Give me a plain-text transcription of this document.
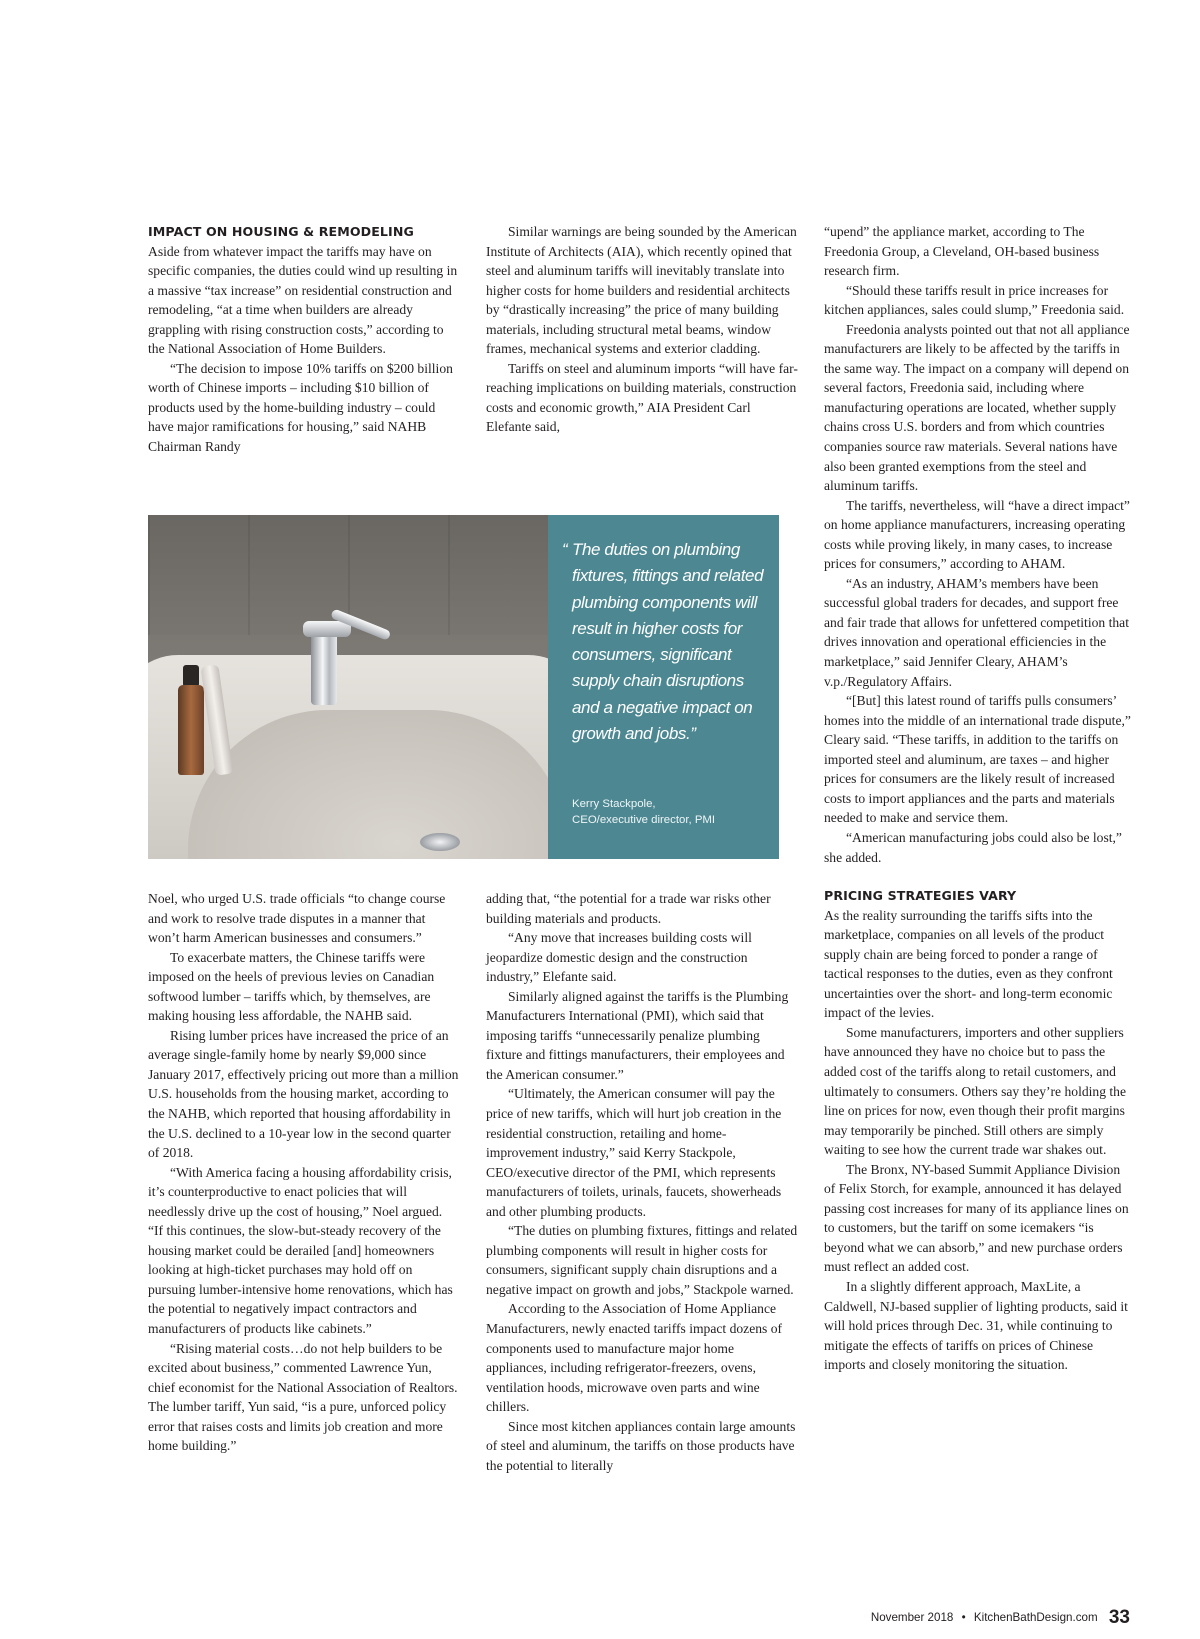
IMPACT ON HOUSING & REMODELING

Aside from whatever impact the tariffs may have on specific companies, the duties could wind up resulting in a massive “tax increase” on residential construction and remodeling, “at a time when builders are already grappling with rising construction costs,” according to the National Association of Home Builders.

“The decision to impose 10% tariffs on $200 billion worth of Chinese imports – including $10 billion of products used by the home-building industry – could have major ramifications for housing,” said NAHB Chairman Randy

Similar warnings are being sounded by the American Institute of Architects (AIA), which recently opined that steel and aluminum tariffs will inevitably translate into higher costs for home builders and residential architects by “drastically increasing” the price of many building materials, including structural metal beams, window frames, mechanical systems and exterior cladding.

Tariffs on steel and aluminum imports “will have far-reaching implications on building materials, construction costs and economic growth,” AIA President Carl Elefante said,

“upend” the appliance market, according to The Freedonia Group, a Cleveland, OH-based business research firm.

“Should these tariffs result in price increases for kitchen appliances, sales could slump,” Freedonia said.

Freedonia analysts pointed out that not all appliance manufacturers are likely to be affected by the tariffs in the same way. The impact on a company will depend on several factors, Freedonia said, including where manufacturing operations are located, whether supply chains cross U.S. borders and from which countries companies source raw materials. Several nations have also been granted exemptions from the steel and aluminum tariffs.

The tariffs, nevertheless, will “have a direct impact” on home appliance manufacturers, increasing operating costs while proving likely, in many cases, to increase prices for consumers,” according to AHAM.

“As an industry, AHAM’s members have been successful global traders for decades, and support free and fair trade that allows for unfettered competition that drives innovation and operational efficiencies in the marketplace,” said Jennifer Cleary, AHAM’s v.p./Regulatory Affairs.

“[But] this latest round of tariffs pulls consumers’ homes into the middle of an international trade dispute,” Cleary said. “These tariffs, in addition to the tariffs on imported steel and aluminum, are taxes – and higher prices for consumers are the likely result of increased costs to import appliances and the parts and materials needed to make and service them.

“American manufacturing jobs could also be lost,” she added.

PRICING STRATEGIES VARY

As the reality surrounding the tariffs sifts into the marketplace, companies on all levels of the product supply chain are being forced to ponder a range of tactical responses to the duties, even as they confront uncertainties over the short- and long-term economic impact of the levies.

Some manufacturers, importers and other suppliers have announced they have no choice but to pass the added cost of the tariffs along to retail customers, and ultimately to consumers. Others say they’re holding the line on prices for now, even though their profit margins may temporarily be pinched. Still others are simply waiting to see how the current trade war shakes out.

The Bronx, NY-based Summit Appliance Division of Felix Storch, for example, announced it has delayed passing cost increases for many of its appliance lines on to customers, but the tariff on some icemakers “is beyond what we can absorb,” and new purchase orders must reflect an added cost.

In a slightly different approach, MaxLite, a Caldwell, NJ-based supplier of lighting products, said it will hold prices through Dec. 31, while continuing to mitigate the effects of tariffs on prices of Chinese imports and closely monitoring the situation.

“ The duties on plumbing fixtures, fittings and related plumbing components will result in higher costs for consumers, significant supply chain disruptions and a negative impact on growth and jobs.”
Kerry Stackpole,
CEO/executive director, PMI

Noel, who urged U.S. trade officials “to change course and work to resolve trade disputes in a manner that won’t harm American businesses and consumers.”

To exacerbate matters, the Chinese tariffs were imposed on the heels of previous levies on Canadian softwood lumber – tariffs which, by themselves, are making housing less affordable, the NAHB said.

Rising lumber prices have increased the price of an average single-family home by nearly $9,000 since January 2017, effectively pricing out more than a million U.S. households from the housing market, according to the NAHB, which reported that housing affordability in the U.S. declined to a 10-year low in the second quarter of 2018.

“With America facing a housing affordability crisis, it’s counterproductive to enact policies that will needlessly drive up the cost of housing,” Noel argued. “If this continues, the slow-but-steady recovery of the housing market could be derailed [and] homeowners looking at high-ticket purchases may hold off on pursuing lumber-intensive home renovations, which has the potential to negatively impact contractors and manufacturers of products like cabinets.”

“Rising material costs…do not help builders to be excited about business,” commented Lawrence Yun, chief economist for the National Association of Realtors. The lumber tariff, Yun said, “is a pure, unforced policy error that raises costs and limits job creation and more home building.”

adding that, “the potential for a trade war risks other building materials and products.

“Any move that increases building costs will jeopardize domestic design and the construction industry,” Elefante said.

Similarly aligned against the tariffs is the Plumbing Manufacturers International (PMI), which said that imposing tariffs “unnecessarily penalize plumbing fixture and fittings manufacturers, their employees and the American consumer.”

“Ultimately, the American consumer will pay the price of new tariffs, which will hurt job creation in the residential construction, retailing and home-improvement industry,” said Kerry Stackpole, CEO/executive director of the PMI, which represents manufacturers of toilets, urinals, faucets, showerheads and other plumbing products.

“The duties on plumbing fixtures, fittings and related plumbing components will result in higher costs for consumers, significant supply chain disruptions and a negative impact on growth and jobs,” Stackpole warned.

According to the Association of Home Appliance Manufacturers, newly enacted tariffs impact dozens of components used to manufacture major home appliances, including refrigerator-freezers, ovens, ventilation hoods, microwave oven parts and wine chillers.

Since most kitchen appliances contain large amounts of steel and aluminum, the tariffs on those products have the potential to literally

November 2018 • KitchenBathDesign.com 33
